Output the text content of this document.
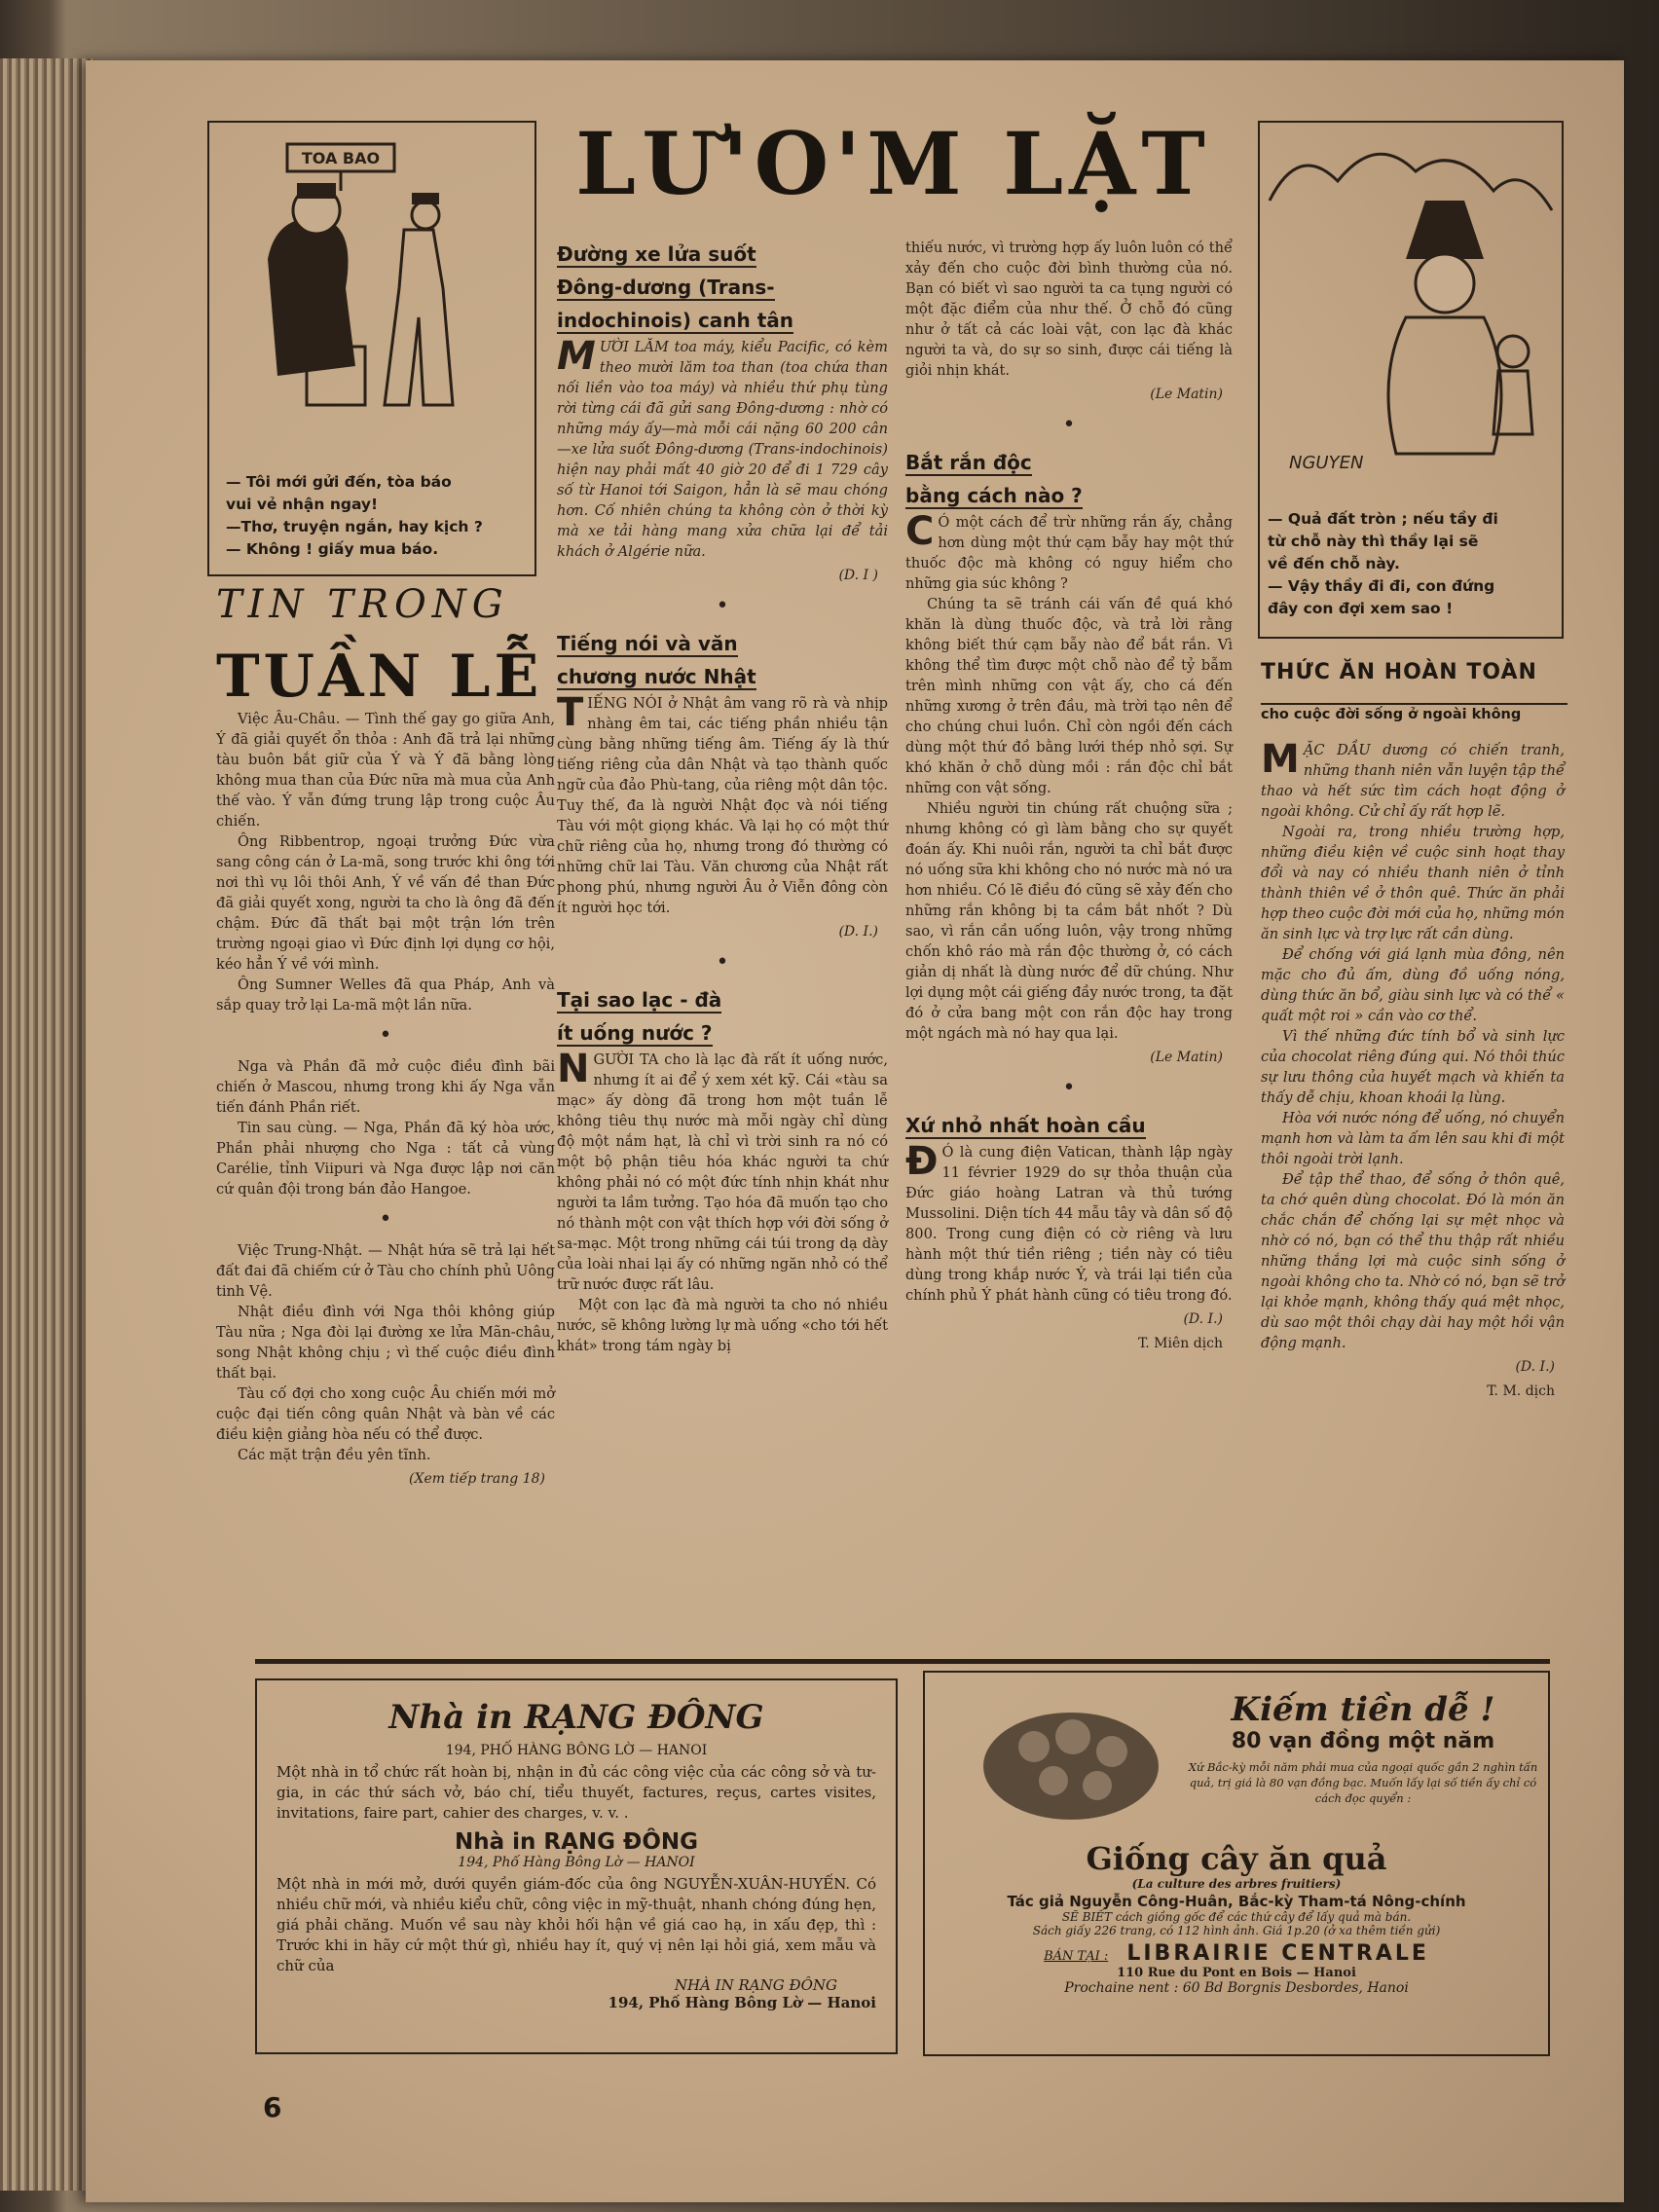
LƯ'O'M LẶT
TOA BAO
— Tôi mới gửi đến, tòa báo
vui vẻ nhận ngay!
—Thơ, truyện ngắn, hay kịch ?
— Không ! giấy mua báo.
NGUYEN
— Quả đất tròn ; nếu tầy đi
từ chỗ này thì thầy lại sẽ
về đến chỗ này.
— Vậy thầy đi đi, con đứng
đây con đợi xem sao !
TIN TRONG
TUẦN LỄ

Việc Âu-Châu. — Tình thế gay go giữa Anh, Ý đã giải quyết ổn thỏa : Anh đã trả lại những tàu buôn bắt giữ của Ý và Ý đã bằng lòng không mua than của Đức nữa mà mua của Anh thế vào. Ý vẫn đứng trung lập trong cuộc Âu chiến.

Ông Ribbentrop, ngoại trưởng Đức vừa sang công cán ở La-mã, song trước khi ông tới nơi thì vụ lôi thôi Anh, Ý về vấn đề than Đức đã giải quyết xong, người ta cho là ông đã đến chậm. Đức đã thất bại một trận lớn trên trường ngoại giao vì Đức định lợi dụng cơ hội, kéo hẳn Ý về với mình.

Ông Sumner Welles đã qua Pháp, Anh và sắp quay trở lại La-mã một lần nữa.

•

Nga và Phần đã mở cuộc điều đình bãi chiến ở Mascou, nhưng trong khi ấy Nga vẫn tiến đánh Phần riết.

Tin sau cùng. — Nga, Phần đã ký hòa ước, Phần phải nhượng cho Nga : tất cả vùng Carélie, tỉnh Viipuri và Nga được lập nơi căn cứ quân đội trong bán đảo Hangoe.

•

Việc Trung-Nhật. — Nhật hứa sẽ trả lại hết đất đai đã chiếm cứ ở Tàu cho chính phủ Uông tinh Vệ.

Nhật điều đình với Nga thôi không giúp Tàu nữa ; Nga đòi lại đường xe lửa Mãn-châu, song Nhật không chịu ; vì thế cuộc điều đình thất bại.

Tàu cố đợi cho xong cuộc Âu chiến mới mở cuộc đại tiến công quân Nhật và bàn về các điều kiện giảng hòa nếu có thể được.

Các mặt trận đều yên tĩnh.

(Xem tiếp trang 18)
Đường xe lửa suốt
Đông-dương (Trans-
indochinois) canh tân

MƯỜI LĂM toa máy, kiểu Pacific, có kèm theo mười lăm toa than (toa chứa than nối liền vào toa máy) và nhiều thứ phụ tùng rời từng cái đã gửi sang Đông-dương : nhờ có những máy ấy—mà mỗi cái nặng 60 200 cân—xe lửa suốt Đông-dương (Trans-indochinois) hiện nay phải mất 40 giờ 20 để đi 1 729 cây số từ Hanoi tới Saigon, hẳn là sẽ mau chóng hơn. Cố nhiên chúng ta không còn ở thời kỳ mà xe tải hàng mang xửa chữa lại để tải khách ở Algérie nữa.

(D. I )
•
Tiếng nói và văn
chương nước Nhật

TIẾNG NÓI ở Nhật âm vang rõ rà và nhịp nhàng êm tai, các tiếng phần nhiều tận cùng bằng những tiếng âm. Tiếng ấy là thứ tiếng riêng của dân Nhật và tạo thành quốc ngữ của đảo Phù-tang, của riêng một dân tộc. Tuy thế, đa là người Nhật đọc và nói tiếng Tàu với một giọng khác. Và lại họ có một thứ chữ riêng của họ, nhưng trong đó thường có những chữ lai Tàu. Văn chương của Nhật rất phong phú, nhưng người Âu ở Viễn đông còn ít người học tới.

(D. I.)
•
Tại sao lạc - đà
ít uống nước ?

NGƯỜI TA cho là lạc đà rất ít uống nước, nhưng ít ai để ý xem xét kỹ. Cái «tàu sa mạc» ấy dòng đã trong hơn một tuần lễ không tiêu thụ nước mà mỗi ngày chỉ dùng độ một nắm hạt, là chỉ vì trời sinh ra nó có một bộ phận tiêu hóa khác người ta chứ không phải nó có một đức tính nhịn khát như người ta lầm tưởng. Tạo hóa đã muốn tạo cho nó thành một con vật thích hợp với đời sống ở sa-mạc. Một trong những cái túi trong dạ dày của loài nhai lại ấy có những ngăn nhỏ có thể trữ nước được rất lâu.

Một con lạc đà mà người ta cho nó nhiều nước, sẽ không lường lự mà uống «cho tới hết khát» trong tám ngày bị

thiếu nước, vì trường hợp ấy luôn luôn có thể xảy đến cho cuộc đời bình thường của nó. Bạn có biết vì sao người ta ca tụng người có một đặc điểm của như thế. Ở chỗ đó cũng như ở tất cả các loài vật, con lạc đà khác người ta và, do sự so sinh, được cái tiếng là giỏi nhịn khát.

(Le Matin)
•
Bắt rắn độc
bằng cách nào ?

C Ó một cách để trừ những rắn ấy, chẳng hơn dùng một thứ cạm bẫy hay một thứ thuốc độc mà không có nguy hiểm cho những gia súc không ?

Chúng ta sẽ tránh cái vấn đề quá khó khăn là dùng thuốc độc, và trả lời rằng không biết thứ cạm bẫy nào để bắt rắn. Vì không thể tìm được một chỗ nào để tỷ bẫm trên mình những con vật ấy, cho cá đến những xương ở trên đầu, mà trời tạo nên để cho chúng chui luồn. Chỉ còn ngồi đến cách dùng một thứ đồ bằng lưới thép nhỏ sợi. Sự khó khăn ở chỗ dùng mồi : rắn độc chỉ bắt những con vật sống.

Nhiều người tin chúng rất chuộng sữa ; nhưng không có gì làm bằng cho sự quyết đoán ấy. Khi nuôi rắn, người ta chỉ bắt được nó uống sữa khi không cho nó nước mà nó ưa hơn nhiều. Có lẽ điều đó cũng sẽ xảy đến cho những rắn không bị ta cầm bắt nhốt ? Dù sao, vì rắn cần uống luôn, vậy trong những chốn khô ráo mà rắn độc thường ở, có cách giản dị nhất là dùng nước để dữ chúng. Như lợi dụng một cái giếng đầy nước trong, ta đặt đó ở cửa bang một con rắn độc hay trong một ngách mà nó hay qua lại.

(Le Matin)
•
Xứ nhỏ nhất hoàn cầu

Đ Ó là cung điện Vatican, thành lập ngày 11 février 1929 do sự thỏa thuận của Đức giáo hoàng Latran và thủ tướng Mussolini. Diện tích 44 mẫu tây và dân số độ 800. Trong cung điện có cờ riêng và lưu hành một thứ tiền riêng ; tiền này có tiêu dùng trong khắp nước Ý, và trái lại tiền của chính phủ Ý phát hành cũng có tiêu trong đó.

(D. I.)
T. Miên dịch
THỨC ĂN HOÀN TOÀN
cho cuộc đời sống ở ngoài không

MẶC DẦU dương có chiến tranh, những thanh niên vẫn luyện tập thể thao và hết sức tìm cách hoạt động ở ngoài không. Cử chỉ ấy rất hợp lẽ.

Ngoài ra, trong nhiều trường hợp, những điều kiện về cuộc sinh hoạt thay đổi và nay có nhiều thanh niên ở tỉnh thành thiên về ở thôn quê. Thức ăn phải hợp theo cuộc đời mới của họ, những món ăn sinh lực và trợ lực rất cần dùng.

Để chống với giá lạnh mùa đông, nên mặc cho đủ ấm, dùng đồ uống nóng, dùng thức ăn bổ, giàu sinh lực và có thể « quất một roi » cần vào cơ thể.

Vì thế những đức tính bổ và sinh lực của chocolat riêng đúng qui. Nó thôi thúc sự lưu thông của huyết mạch và khiến ta thấy dễ chịu, khoan khoái lạ lùng.

Hòa với nước nóng để uống, nó chuyển mạnh hơn và làm ta ấm lên sau khi đi một thôi ngoài trời lạnh.

Để tập thể thao, để sống ở thôn quê, ta chớ quên dùng chocolat. Đó là món ăn chắc chắn để chống lại sự mệt nhọc và nhờ có nó, bạn có thể thu thập rất nhiều những thắng lợi mà cuộc sinh sống ở ngoài không cho ta. Nhờ có nó, bạn sẽ trở lại khỏe mạnh, không thấy quá mệt nhọc, dù sao một thôi chạy dài hay một hồi vận động mạnh.

(D. I.)
T. M. dịch
Nhà in RẠNG ĐÔNG
194, PHỐ HÀNG BÔNG LỜ — HANOI
Một nhà in tổ chức rất hoàn bị, nhận in đủ các công việc của các công sở và tư-gia, in các thứ sách vở, báo chí, tiểu thuyết, factures, reçus, cartes visites, invitations, faire part, cahier des charges, v. v. .
Nhà in RẠNG ĐÔNG
194, Phố Hàng Bông Lờ — HANOI
Một nhà in mới mở, dưới quyền giám-đốc của ông NGUYỄN-XUÂN-HUYẾN. Có nhiều chữ mới, và nhiều kiểu chữ, công việc in mỹ-thuật, nhanh chóng đúng hẹn, giá phải chăng. Muốn về sau này khỏi hối hận về giá cao hạ, in xấu đẹp, thì : Trước khi in hãy cứ một thứ gì, nhiều hay ít, quý vị nên lại hỏi giá, xem mẫu và chữ của
NHÀ IN RẠNG ĐÔNG
194, Phố Hàng Bông Lờ — Hanoi
Kiếm tiền dễ !
80 vạn đồng một năm
Xứ Bắc-kỳ mỗi năm phải mua của ngoại quốc gần 2 nghìn tấn quả, trị giá là 80 vạn đồng bạc. Muốn lấy lại số tiền ấy chỉ có cách đọc quyển :
Giống cây ăn quả
(La culture des arbres fruitiers)
Tác giả Nguyễn Công-Huân, Bắc-kỳ Tham-tá Nông-chính
SẼ BIẾT cách giồng gốc để các thứ cây để lấy quả mà bán.
Sách giấy 226 trang, có 112 hình ảnh. Giá 1p.20 (ở xa thêm tiền gửi)
BÁN TẠI : LIBRAIRIE CENTRALE
110 Rue du Pont en Bois — Hanoi
Prochaine nent : 60 Bd Borgnis Desbordes, Hanoi
6
